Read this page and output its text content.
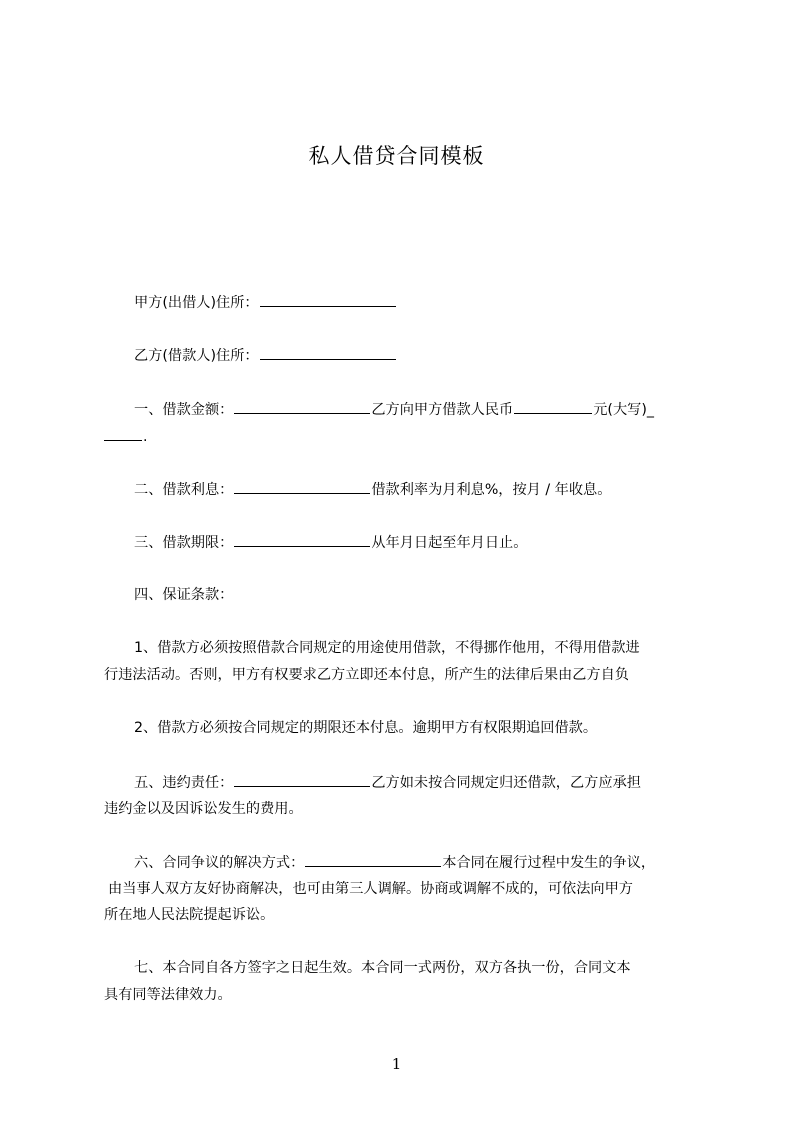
私人借贷合同模板
甲方(出借人)住所：
乙方(借款人)住所：
一、借款金额：	乙方向甲方借款人民币	元(大写)_
.
二、借款利息：	借款利率为月利息%，按月 / 年收息。
三、借款期限：	从年月日起至年月日止。
四、保证条款：
1、借款方必须按照借款合同规定的用途使用借款，不得挪作他用，不得用借款进
行违法活动。否则，甲方有权要求乙方立即还本付息，所产生的法律后果由乙方自负
2、借款方必须按合同规定的期限还本付息。逾期甲方有权限期追回借款。
五、违约责任：	乙方如未按合同规定归还借款，乙方应承担
违约金以及因诉讼发生的费用。
六、合同争议的解决方式：	本合同在履行过程中发生的争议，
由当事人双方友好协商解决，也可由第三人调解。协商或调解不成的，可依法向甲方
所在地人民法院提起诉讼。
七、本合同自各方签字之日起生效。本合同一式两份，双方各执一份，合同文本
具有同等法律效力。
1
